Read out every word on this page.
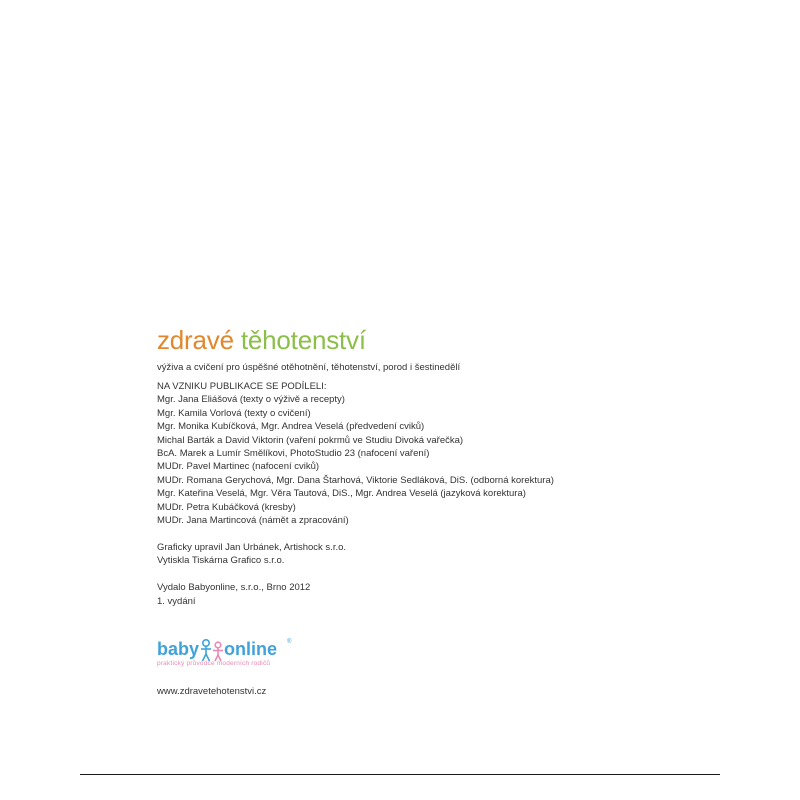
zdravé těhotenství

výživa a cvičení pro úspěšné otěhotnění, těhotenství, porod i šestinedělí

NA VZNIKU PUBLIKACE SE PODÍLELI:
Mgr. Jana Eliášová (texty o výživě a recepty)
Mgr. Kamila Vorlová (texty o cvičení)
Mgr. Monika Kubíčková, Mgr. Andrea Veselá (předvedení cviků)
Michal Barták a David Viktorin (vaření pokrmů ve Studiu Divoká vařečka)
BcA. Marek a Lumír Smělíkovi, PhotoStudio 23 (nafocení vaření)
MUDr. Pavel Martinec (nafocení cviků)
MUDr. Romana Gerychová, Mgr. Dana Štarhová, Viktorie Sedláková, DiS. (odborná korektura)
Mgr. Kateřina Veselá, Mgr. Věra Tautová, DiS., Mgr. Andrea Veselá (jazyková korektura)
MUDr. Petra Kubáčková (kresby)
MUDr. Jana Martincová (námět a zpracování)

Graficky upravil Jan Urbánek, Artishock s.r.o.
Vytiskla Tiskárna Grafico s.r.o.

Vydalo Babyonline, s.r.o., Brno 2012
1. vydání
baby online ®
praktický průvodce moderních rodičů

www.zdravetehotenstvi.cz
